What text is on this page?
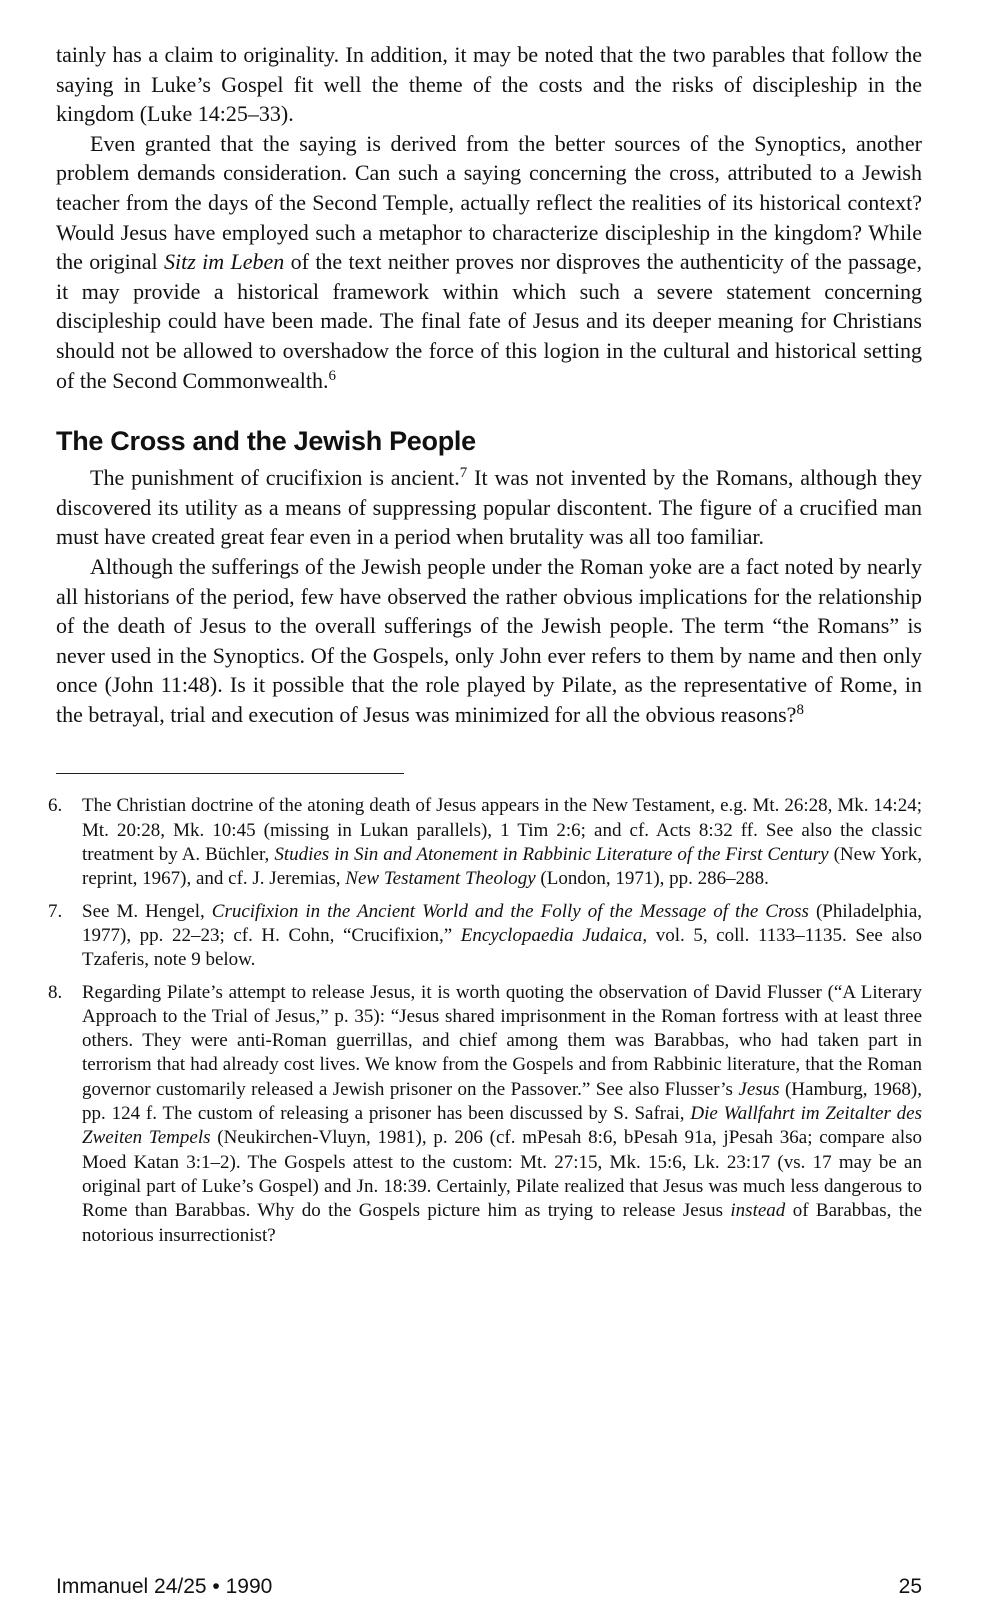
tainly has a claim to originality. In addition, it may be noted that the two parables that follow the saying in Luke’s Gospel fit well the theme of the costs and the risks of discipleship in the kingdom (Luke 14:25–33).

Even granted that the saying is derived from the better sources of the Synoptics, another problem demands consideration. Can such a saying concerning the cross, attributed to a Jewish teacher from the days of the Second Temple, actually reflect the realities of its historical context? Would Jesus have employed such a metaphor to characterize discipleship in the kingdom? While the original Sitz im Leben of the text neither proves nor disproves the authenticity of the passage, it may provide a historical framework within which such a severe statement concerning discipleship could have been made. The final fate of Jesus and its deeper meaning for Christians should not be allowed to overshadow the force of this logion in the cultural and historical setting of the Second Commonwealth.$^6$

The Cross and the Jewish People

The punishment of crucifixion is ancient.$^7$ It was not invented by the Romans, although they discovered its utility as a means of suppressing popular discontent. The figure of a crucified man must have created great fear even in a period when brutality was all too familiar.

Although the sufferings of the Jewish people under the Roman yoke are a fact noted by nearly all historians of the period, few have observed the rather obvious implications for the relationship of the death of Jesus to the overall sufferings of the Jewish people. The term “the Romans” is never used in the Synoptics. Of the Gospels, only John ever refers to them by name and then only once (John 11:48). Is it possible that the role played by Pilate, as the representative of Rome, in the betrayal, trial and execution of Jesus was minimized for all the obvious reasons?$^8$

6. The Christian doctrine of the atoning death of Jesus appears in the New Testament, e.g. Mt. 26:28, Mk. 14:24; Mt. 20:28, Mk. 10:45 (missing in Lukan parallels), 1 Tim 2:6; and cf. Acts 8:32 ff. See also the classic treatment by A. Büchler, Studies in Sin and Atonement in Rabbinic Literature of the First Century (New York, reprint, 1967), and cf. J. Jeremias, New Testament Theology (London, 1971), pp. 286–288.
7. See M. Hengel, Crucifixion in the Ancient World and the Folly of the Message of the Cross (Philadelphia, 1977), pp. 22–23; cf. H. Cohn, “Crucifixion,” Encyclopaedia Judaica, vol. 5, coll. 1133–1135. See also Tzaferis, note 9 below.
8. Regarding Pilate’s attempt to release Jesus, it is worth quoting the observation of David Flusser (“A Literary Approach to the Trial of Jesus,” p. 35): “Jesus shared imprisonment in the Roman fortress with at least three others. They were anti-Roman guerrillas, and chief among them was Barabbas, who had taken part in terrorism that had already cost lives. We know from the Gospels and from Rabbinic literature, that the Roman governor customarily released a Jewish prisoner on the Passover.” See also Flusser’s Jesus (Hamburg, 1968), pp. 124 f. The custom of releasing a prisoner has been discussed by S. Safrai, Die Wallfahrt im Zeitalter des Zweiten Tempels (Neukirchen-Vluyn, 1981), p. 206 (cf. mPesah 8:6, bPesah 91a, jPesah 36a; compare also Moed Katan 3:1–2). The Gospels attest to the custom: Mt. 27:15, Mk. 15:6, Lk. 23:17 (vs. 17 may be an original part of Luke’s Gospel) and Jn. 18:39. Certainly, Pilate realized that Jesus was much less dangerous to Rome than Barabbas. Why do the Gospels picture him as trying to release Jesus instead of Barabbas, the notorious insurrectionist?
Immanuel 24/25 • 1990	25
